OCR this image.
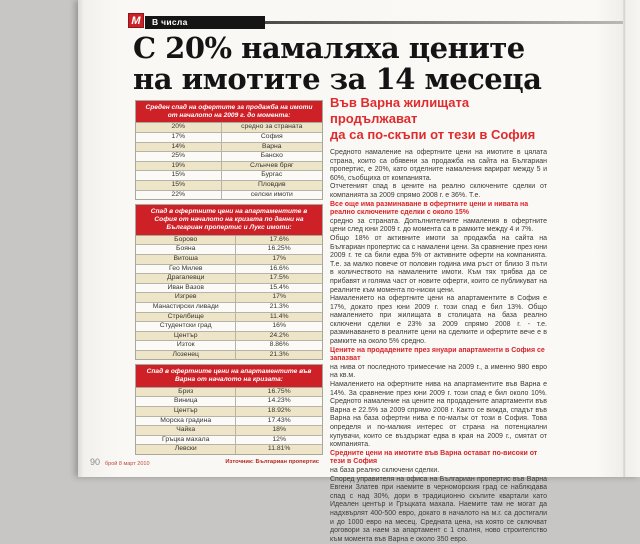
M	В числа
С 20% намаляха цените
на имотите за 14 месеца
Среден спад на офертите за продажба на имоти от началото на 2009 г. до момента:
20%	средно за страната
17%	София
14%	Варна
25%	Банско
19%	Слънчев бряг
15%	Бургас
15%	Пловдив
22%	селски имоти
Спад в офертните цени на апартаментите в София от началото на кризата по данни на Българиан пропертис и Лукс имоти:
Борово	17.6%
Бояна	16.25%
Витоша	17%
Гео Милев	16.6%
Драгалевци	17.5%
Иван Вазов	15.4%
Изгрев	17%
Манастирски ливади	21.3%
Стрелбище	11.4%
Студентски град	16%
Център	24.2%
Изток	8.86%
Лозенец	21.3%
Спад в офертните цени на апартаментите във Варна от началото на кризата:
Бриз	16.75%
Виница	14.23%
Център	18.92%
Морска градина	17.43%
Чайка	18%
Гръцка махала	12%
Левски	11.81%
Източник: Българиан пропертис
Във Варна жилищата продължават
да са по-скъпи от тези в София

Средното намаление на офертните цени на имотите в цялата страна, които са обявени за продажба на сайта на Българиан пропертис, е 20%, като отделните намаления варират между 5 и 60%, съобщиха от компанията.

Отчетеният спад в цените на реално сключените сделки от компанията за 2009 спрямо 2008 г. е 36%. Т.е.

Все още има разминаване в офертните цени и нивата на реално сключените сделки с около 15%

средно за страната. Допълнителните намаления в офертните цени след юни 2009 г. до момента са в рамките между 4 и 7%.

Общо 18% от активните имоти за продажба на сайта на Българиан пропертис са с намалени цени. За сравнение през юни 2009 г. те са били едва 5% от активните оферти на компанията. Т.е. за малко повече от половин година има ръст от близо 3 пъти в количеството на намалените имоти. Към тях трябва да се прибавят и голяма част от новите оферти, които се публикуват на реалните към момента по-ниски цени.

Намалението на офертните цени на апартаментите в София е 17%, докато през юни 2009 г. този спад е бил 13%. Общо намалението при жилищата в столицата на база реално сключени сделки е 23% за 2009 спрямо 2008 г. - т.е. разминаването в реалните цени на сделките и офертите вече е в рамките на около 5% средно.

Цените на продадените през януари апартаменти в София се запазват

на нива от последното тримесечие на 2009 г., а именно 980 евро на кв.м.

Намалението на офертните нива на апартаментите във Варна е 14%. За сравнение през юни 2009 г. този спад е бил около 10%. Средното намаление на цените на продадените апартаменти във Варна е 22.5% за 2009 спрямо 2008 г. Както се вижда, спадът във Варна на база офертни нива е по-малък от този в София. Това определя и по-малкия интерес от страна на потенциални купувачи, които се въздържат едва в края на 2009 г., смятат от компанията.

Средните цени на имотите във Варна остават по-високи от тези в София

на база реално сключени сделки.

Според управителя на офиса на Българиан пропертис във Варна Евгени Златев при наемите в черноморския град се наблюдава спад с над 30%, дори в традиционно скъпите квартали като Идеален център и Гръцката махала. Наемите там не могат да надхвърлят 400-500 евро, докато в началото на м.г. са достигали и до 1000 евро на месец. Средната цена, на която се сключват договори за наем за апартамент с 1 спалня, ново строителство към момента във Варна е около 350 евро.

90 брой 8 март 2010
